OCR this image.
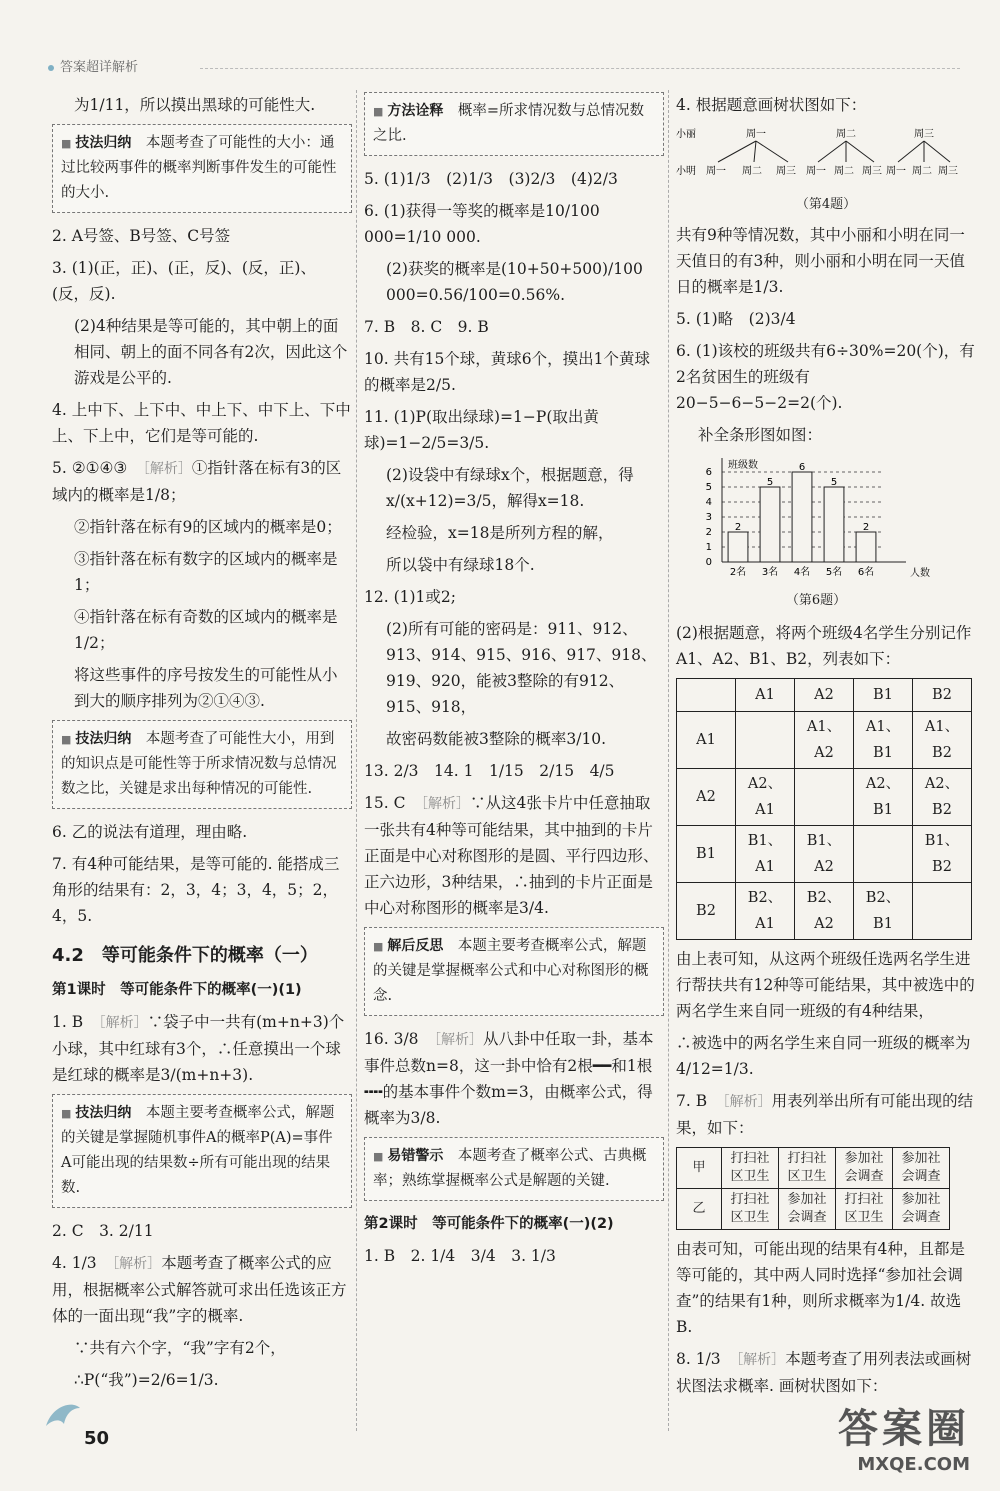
答案超详解析

为1/11，所以摸出黑球的可能性大.

■ 技法归纳　 本题考查了可能性的大小：通过比较两事件的概率判断事件发生的可能性的大小.

2. A号签、B号签、C号签

3. (1)(正，正)、(正，反)、(反，正)、(反，反).

(2)4种结果是等可能的，其中朝上的面相同、朝上的面不同各有2次，因此这个游戏是公平的.

4. 上中下、上下中、中上下、中下上、下中上、下上中，它们是等可能的.

5. ②①④③　 ［解析］①指针落在标有3的区域内的概率是1/8；

②指针落在标有9的区域内的概率是0；

③指针落在标有数字的区域内的概率是1；

④指针落在标有奇数的区域内的概率是1/2；

将这些事件的序号按发生的可能性从小到大的顺序排列为②①④③.

■ 技法归纳　 本题考查了可能性大小，用到的知识点是可能性等于所求情况数与总情况数之比，关键是求出每种情况的可能性.

6. 乙的说法有道理，理由略.

7. 有4种可能结果，是等可能的. 能搭成三角形的结果有：2，3，4；3，4，5；2，4，5.

4.2　等可能条件下的概率（一）
第1课时　等可能条件下的概率(一)(1)

1. B　 ［解析］∵袋子中一共有(m+n+3)个小球，其中红球有3个，∴任意摸出一个球是红球的概率是3/(m+n+3).

■ 技法归纳　 本题主要考查概率公式，解题的关键是掌握随机事件A的概率P(A)=事件A可能出现的结果数÷所有可能出现的结果数.

2. C　3. 2/11

4. 1/3　 ［解析］本题考查了概率公式的应用，根据概率公式解答就可求出任选该正方体的一面出现“我”字的概率.

∵共有六个字，“我”字有2个，

∴P(“我”)=2/6=1/3.

■ 方法诠释　 概率=所求情况数与总情况数之比.

5. (1)1/3　(2)1/3　(3)2/3　(4)2/3

6. (1)获得一等奖的概率是10/100 000=1/10 000.

(2)获奖的概率是(10+50+500)/100 000=0.56/100=0.56%.

7. B　8. C　9. B

10. 共有15个球，黄球6个，摸出1个黄球的概率是2/5.

11. (1)P(取出绿球)=1−P(取出黄球)=1−2/5=3/5.

(2)设袋中有绿球x个，根据题意，得x/(x+12)=3/5，解得x=18.

经检验，x=18是所列方程的解，

所以袋中有绿球18个.

12. (1)1或2;

(2)所有可能的密码是：911、912、913、914、915、916、917、918、919、920，能被3整除的有912、915、918，

故密码数能被3整除的概率3/10.

13. 2/3　14. 1　1/15　2/15　4/5

15. C　 ［解析］∵从这4张卡片中任意抽取一张共有4种等可能结果，其中抽到的卡片正面是中心对称图形的是圆、平行四边形、正六边形，3种结果，∴抽到的卡片正面是中心对称图形的概率是3/4.

■ 解后反思　 本题主要考查概率公式，解题的关键是掌握概率公式和中心对称图形的概念.

16. 3/8　 ［解析］从八卦中任取一卦，基本事件总数n=8，这一卦中恰有2根━━和1根╍╍的基本事件个数m=3，由概率公式，得概率为3/8.

■ 易错警示　 本题考查了概率公式、古典概率；熟练掌握概率公式是解题的关键.
第2课时　等可能条件下的概率(一)(2)

1. B　2. 1/4　3/4　3. 1/3

4. 根据题意画树状图如下：

小丽
小明
周一
周一 周二 周三
周二
周一 周二 周三
周三
周一 周二 周三
（第4题）

共有9种等情况数，其中小丽和小明在同一天值日的有3种，则小丽和小明在同一天值日的概率是1/3.

5. (1)略　(2)3/4

6. (1)该校的班级共有6÷30%=20(个)，有2名贫困生的班级有20−5−6−5−2=2(个).

补全条形图如图：

0
1
2
3
4
5
6
班级数
人数
2
2名
5
3名
6
4名
5
5名
2
6名
（第6题）

(2)根据题意，将两个班级4名学生分别记作A1、A2、B1、B2，列表如下：

	A1	A2	B1	B2
A1		A1、A2	A1、B1	A1、B2
A2	A2、A1		A2、B1	A2、B2
B1	B1、A1	B1、A2		B1、B2
B2	B2、A1	B2、A2	B2、B1	

由上表可知，从这两个班级任选两名学生进行帮扶共有12种等可能结果，其中被选中的两名学生来自同一班级的有4种结果，

∴被选中的两名学生来自同一班级的概率为4/12=1/3.

7. B　 ［解析］用表列举出所有可能出现的结果，如下：

甲	打扫社区卫生	打扫社区卫生	参加社会调查	参加社会调查
乙	打扫社区卫生	参加社会调查	打扫社区卫生	参加社会调查

由表可知，可能出现的结果有4种，且都是等可能的，其中两人同时选择“参加社会调查”的结果有1种，则所求概率为1/4. 故选B.

8. 1/3　 ［解析］本题考查了用列表法或画树状图法求概率. 画树状图如下：

50	答案圈
MXQE.COM
